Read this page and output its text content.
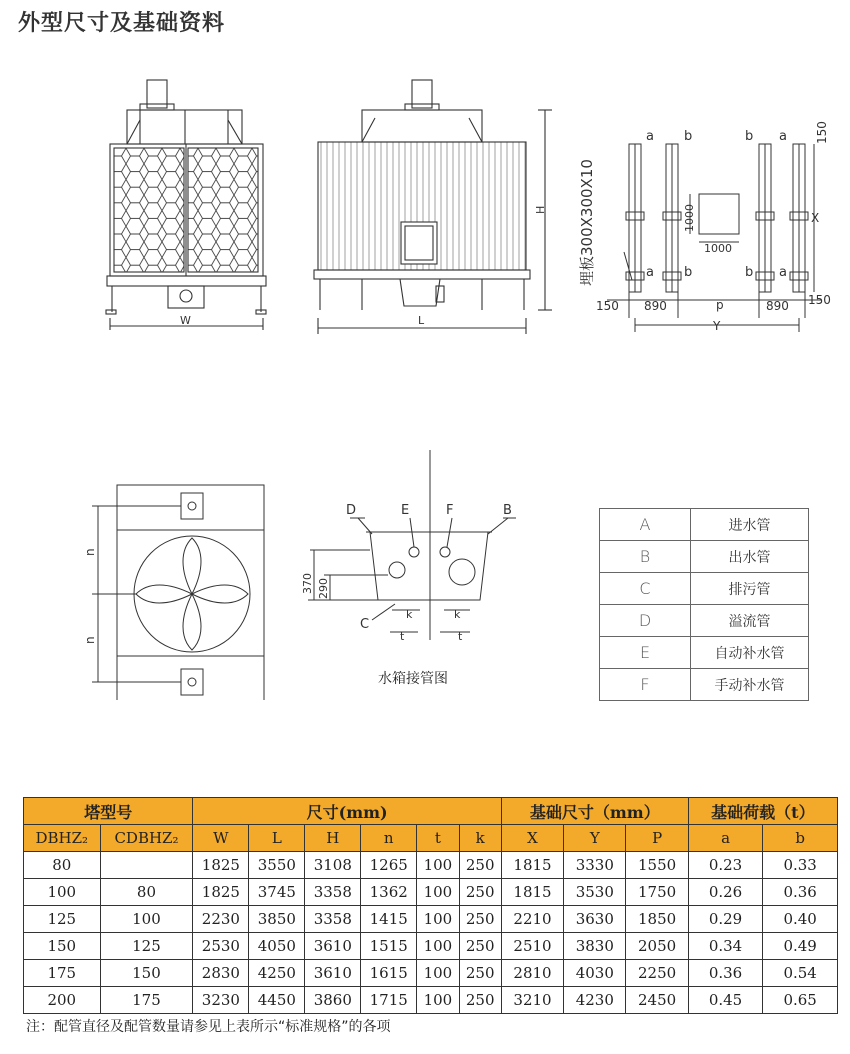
外型尺寸及基础资料
W	L
H 埋板300X300X10
a b	b a
a b	b a
150 890	p	890 150
Y
X
150
1000
1000
n
n
D	E	F	B
C
370 290
k	k
t	t
水箱接管图
A	进水管
B	出水管
C	排污管
D	溢流管
E	自动补水管
F	手动补水管
塔型号		尺寸(mm)						基础尺寸（mm）			基础荷载（t）	
DBHZ₂	CDBHZ₂	W	L	H	n	t	k	X	Y	P	a	b
80		1825	3550	3108	1265	100	250	1815	3330	1550	0.23	0.33
100	80	1825	3745	3358	1362	100	250	1815	3530	1750	0.26	0.36
125	100	2230	3850	3358	1415	100	250	2210	3630	1850	0.29	0.40
150	125	2530	4050	3610	1515	100	250	2510	3830	2050	0.34	0.49
175	150	2830	4250	3610	1615	100	250	2810	4030	2250	0.36	0.54
200	175	3230	4450	3860	1715	100	250	3210	4230	2450	0.45	0.65
注：配管直径及配管数量请参见上表所示“标准规格”的各项
